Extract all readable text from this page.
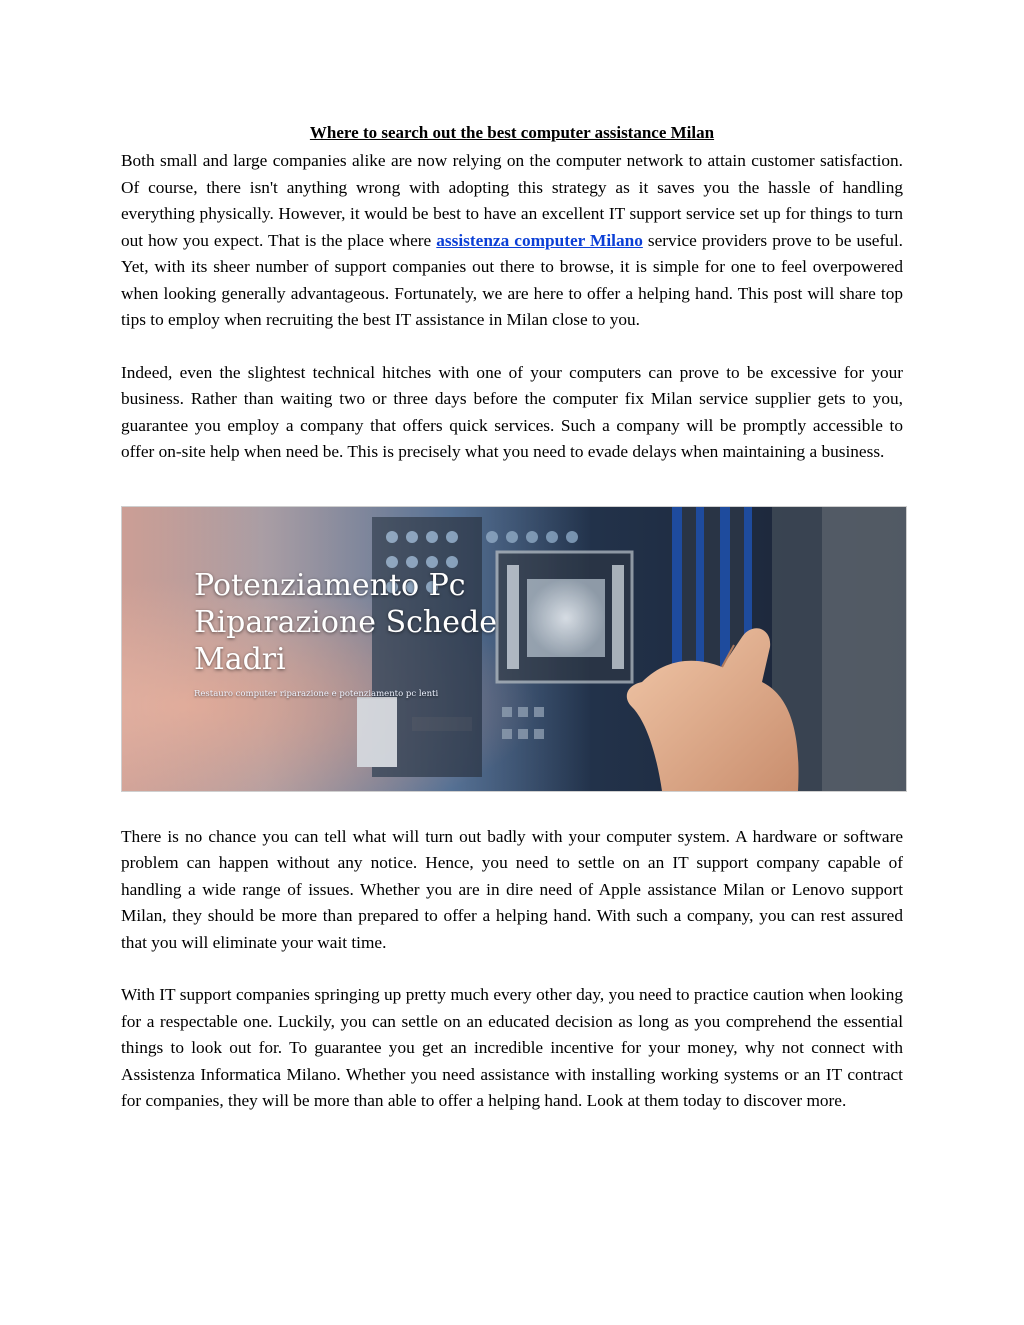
Where to search out the best computer assistance Milan

Both small and large companies alike are now relying on the computer network to attain customer satisfaction. Of course, there isn't anything wrong with adopting this strategy as it saves you the hassle of handling everything physically. However, it would be best to have an excellent IT support service set up for things to turn out how you expect. That is the place where assistenza computer Milano service providers prove to be useful. Yet, with its sheer number of support companies out there to browse, it is simple for one to feel overpowered when looking generally advantageous. Fortunately, we are here to offer a helping hand. This post will share top tips to employ when recruiting the best IT assistance in Milan close to you.

Indeed, even the slightest technical hitches with one of your computers can prove to be excessive for your business. Rather than waiting two or three days before the computer fix Milan service supplier gets to you, guarantee you employ a company that offers quick services. Such a company will be promptly accessible to offer on-site help when need be. This is precisely what you need to evade delays when maintaining a business.

Potenziamento Pc Riparazione Schede Madri
Restauro computer riparazione e potenziamento pc lenti

There is no chance you can tell what will turn out badly with your computer system. A hardware or software problem can happen without any notice. Hence, you need to settle on an IT support company capable of handling a wide range of issues. Whether you are in dire need of Apple assistance Milan or Lenovo support Milan, they should be more than prepared to offer a helping hand. With such a company, you can rest assured that you will eliminate your wait time.

With IT support companies springing up pretty much every other day, you need to practice caution when looking for a respectable one. Luckily, you can settle on an educated decision as long as you comprehend the essential things to look out for. To guarantee you get an incredible incentive for your money, why not connect with Assistenza Informatica Milano. Whether you need assistance with installing working systems or an IT contract for companies, they will be more than able to offer a helping hand. Look at them today to discover more.
